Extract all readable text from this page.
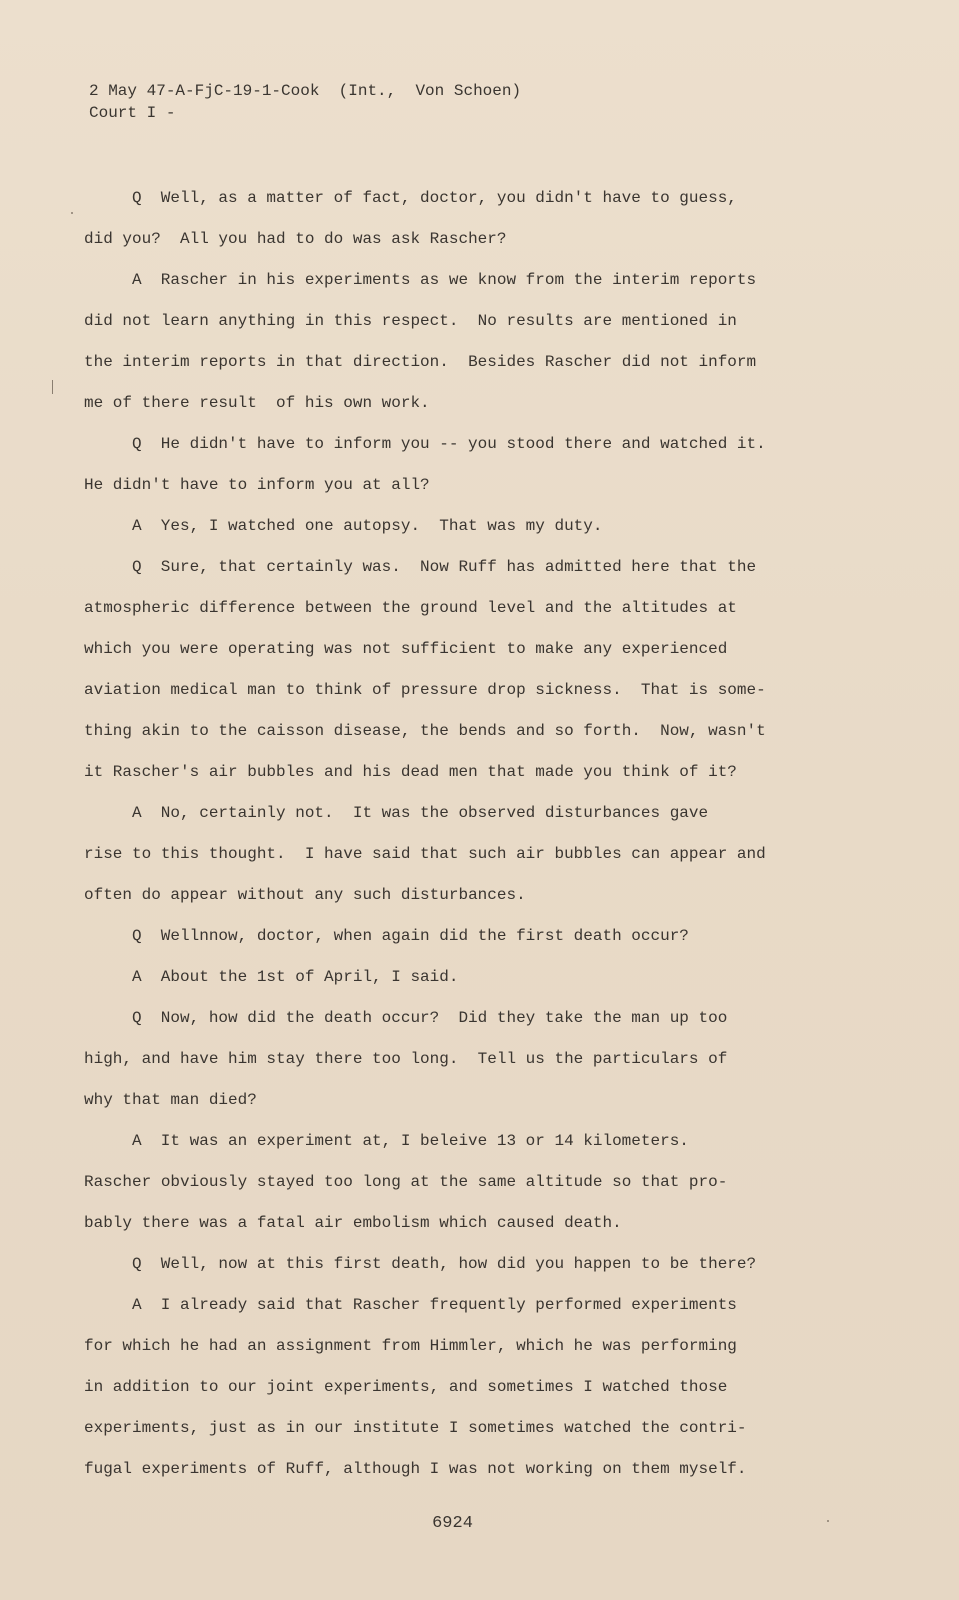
2 May 47-A-FjC-19-1-Cook  (Int.,  Von Schoen)
Court I -
Q  Well, as a matter of fact, doctor, you didn't have to guess,
did you?  All you had to do was ask Rascher?
A  Rascher in his experiments as we know from the interim reports
did not learn anything in this respect.  No results are mentioned in
the interim reports in that direction.  Besides Rascher did not inform
me of there result  of his own work.
Q  He didn't have to inform you -- you stood there and watched it.
He didn't have to inform you at all?
A  Yes, I watched one autopsy.  That was my duty.
Q  Sure, that certainly was.  Now Ruff has admitted here that the
atmospheric difference between the ground level and the altitudes at
which you were operating was not sufficient to make any experienced
aviation medical man to think of pressure drop sickness.  That is some-
thing akin to the caisson disease, the bends and so forth.  Now, wasn't
it Rascher's air bubbles and his dead men that made you think of it?
A  No, certainly not.  It was the observed disturbances gave
rise to this thought.  I have said that such air bubbles can appear and
often do appear without any such disturbances.
Q  Wellnnow, doctor, when again did the first death occur?
A  About the 1st of April, I said.
Q  Now, how did the death occur?  Did they take the man up too
high, and have him stay there too long.  Tell us the particulars of
why that man died?
A  It was an experiment at, I beleive 13 or 14 kilometers.
Rascher obviously stayed too long at the same altitude so that pro-
bably there was a fatal air embolism which caused death.
Q  Well, now at this first death, how did you happen to be there?
A  I already said that Rascher frequently performed experiments
for which he had an assignment from Himmler, which he was performing
in addition to our joint experiments, and sometimes I watched those
experiments, just as in our institute I sometimes watched the contri-
fugal experiments of Ruff, although I was not working on them myself.
6924
